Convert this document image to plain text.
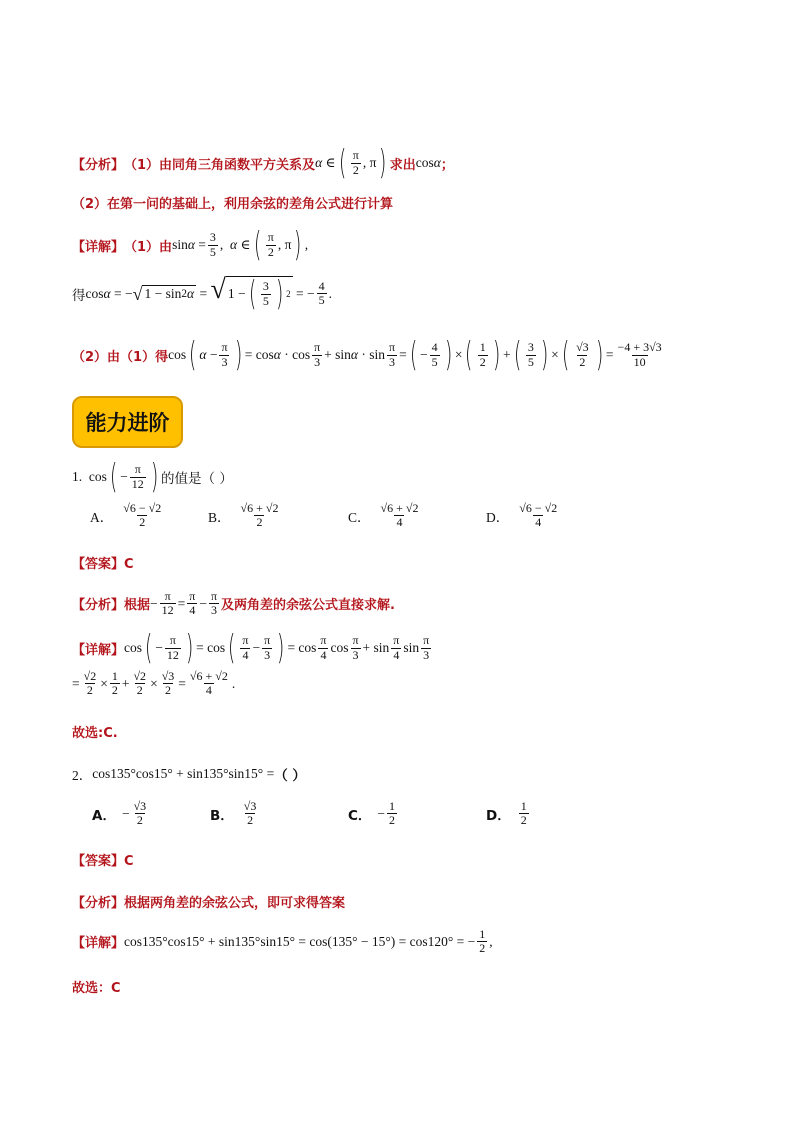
【分析】 （1）由同角三角函数平方关系及 α ∈ ( $\frac{\pi}{2}$ , π ) 求出 cosα ；
（2）在第一问的基础上，利用余弦的差角公式进行计算
【详解】 （1）由 $\sin\alpha = \frac{3}{5}$ ,  α ∈ ( $\frac{\pi}{2}$ , π ) ,
得 cosα = − √ 1 − sin 2 α = √ 1 − ( $\frac{3}{5}$ ) 2 = − $\frac{4}{5}$ .
（2）由（1）得 cos ( $\alpha - \frac{\pi}{3}$ ) = $\cos\alpha \cdot \cos \frac{\pi}{3} + \sin\alpha \cdot \sin \frac{\pi}{3}$ = ( − $\frac{4}{5}$ ) × ( $\frac{1}{2}$ ) + ( $\frac{3}{5}$ ) × ( $\frac{√3}{2}$ ) = $\frac{-4 + 3√3}{10}$
能力进阶
1. cos ( − $\frac{\pi}{12}$ ) 的值是（ ）
A． $\frac{√6 - √2}{2}$	B． $\frac{√6 + √2}{2}$	C． $\frac{√6 + √2}{4}$	D． $\frac{√6 - √2}{4}$
【答案】C
【分析】 根据 − $\frac{\pi}{12} = \frac{\pi}{4} - \frac{\pi}{3}$ 及两角差的余弦公式直接求解.
【详解】 cos ( − $\frac{\pi}{12}$ ) = cos ( $\frac{\pi}{4} - \frac{\pi}{3}$ ) = $\cos \frac{\pi}{4}$ $\cos \frac{\pi}{3} + \sin \frac{\pi}{4}$ $\sin \frac{\pi}{3}$
= $\frac{√2}{2} \times \frac{1}{2} + \frac{√2}{2} \times \frac{√3}{2} = \frac{√6 + √2}{4}$ .
故选:C.
2． cos135°cos15° + sin135°sin15° = （ ）
A． − $\frac{√3}{2}$	B． $\frac{√3}{2}$	C． − $\frac{1}{2}$	D． $\frac{1}{2}$
【答案】C
【分析】 根据两角差的余弦公式，即可求得答案
【详解】 cos135°cos15° + sin135°sin15° = cos(135° − 15°) = cos120° = − $\frac{1}{2}$ ,
故选：C
